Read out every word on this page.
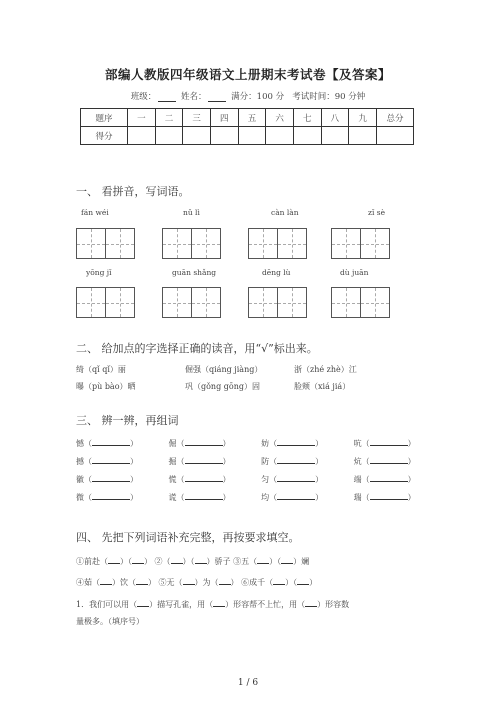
部编人教版四年级语文上册期末考试卷【及答案】
班级：	姓名：	满分：100 分 考试时间：90 分钟
题序	一	二	三	四	五	六	七	八	九	总分
得分										
一、 看拼音，写词语。
fán wéi	nǔ lì	càn làn	zǐ sè
yōng jǐ	guān shǎng	dēng lù	dù juān
二、 给加点的字选择正确的读音，用“√”标出来。
绮（qǐ qǐ）丽	倔强（qiáng jiàng）	浙（zhé zhè）江
曝（pù bào）晒	巩（gǒng gōng）固	脸颊（xiá jiá）
三、 辨一辨，再组词
憾（	）	倔（	）	妨（	）	吭（	）
撼（	）	掘（	）	防（	）	炕（	）
徽（	）	慌（	）	匀（	）	端（	）
微（	）	谎（	）	均（	）	瑞（	）
四、 先把下列词语补充完整，再按要求填空。
①前赴（ ）（ ） ②（ ）（ ）骄子 ③五（ ）（ ）斓
④茹（ ）饮（ ） ⑤无（ ）为（ ） ⑥成千（ ）（ ）
1．我们可以用（ ）描写孔雀，用（ ）形容帮不上忙，用（ ）形容数
量极多。（填序号）
1 / 6
